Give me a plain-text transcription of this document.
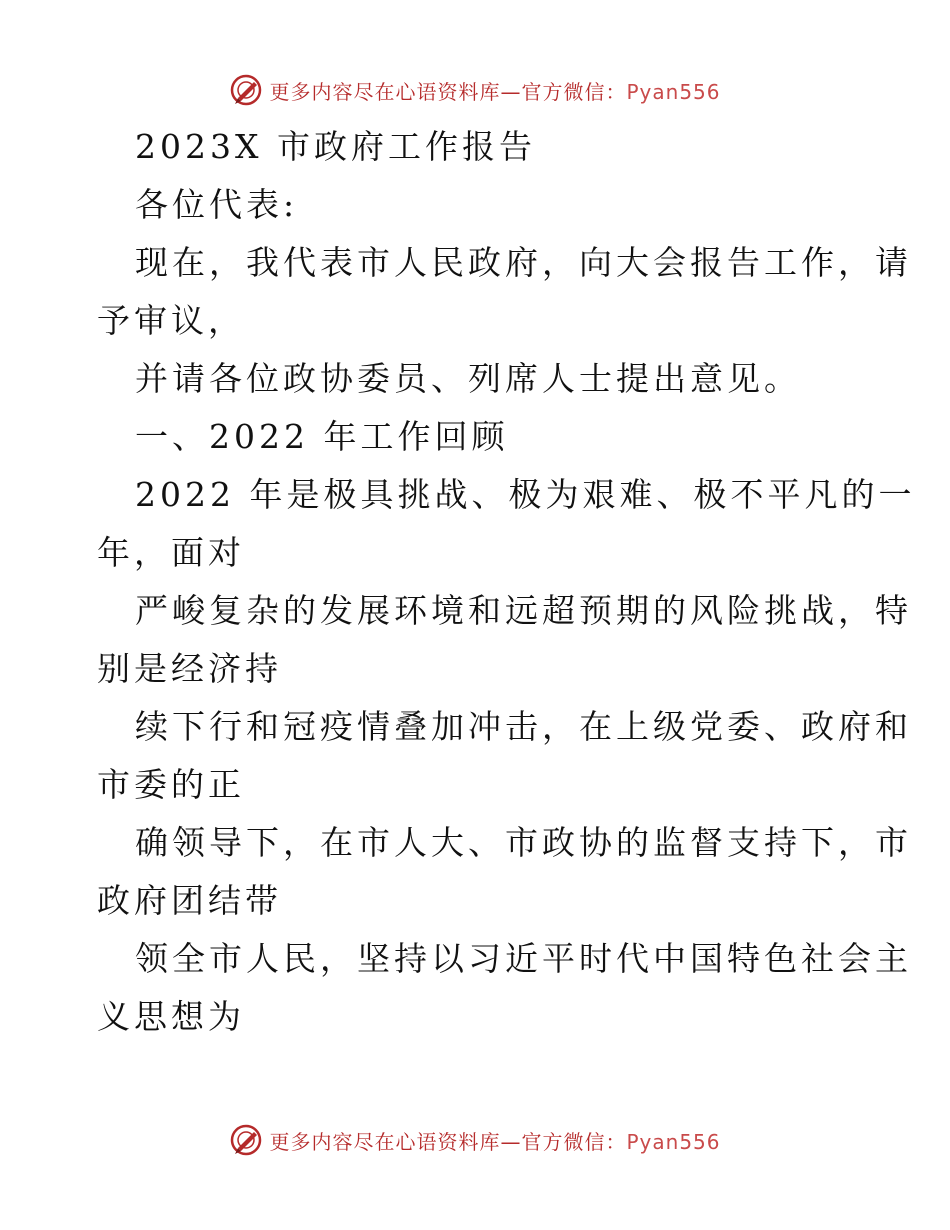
更多内容尽在心语资料库—官方微信：Pyan556
2023X 市政府工作报告
各位代表:
现在，我代表市人民政府，向大会报告工作，请
予审议，
并请各位政协委员、列席人士提出意见。
一、2022 年工作回顾
2022 年是极具挑战、极为艰难、极不平凡的一
年，面对
严峻复杂的发展环境和远超预期的风险挑战，特
别是经济持
续下行和冠疫情叠加冲击，在上级党委、政府和
市委的正
确领导下，在市人大、市政协的监督支持下，市
政府团结带
领全市人民，坚持以习近平时代中国特色社会主
义思想为
更多内容尽在心语资料库—官方微信：Pyan556
